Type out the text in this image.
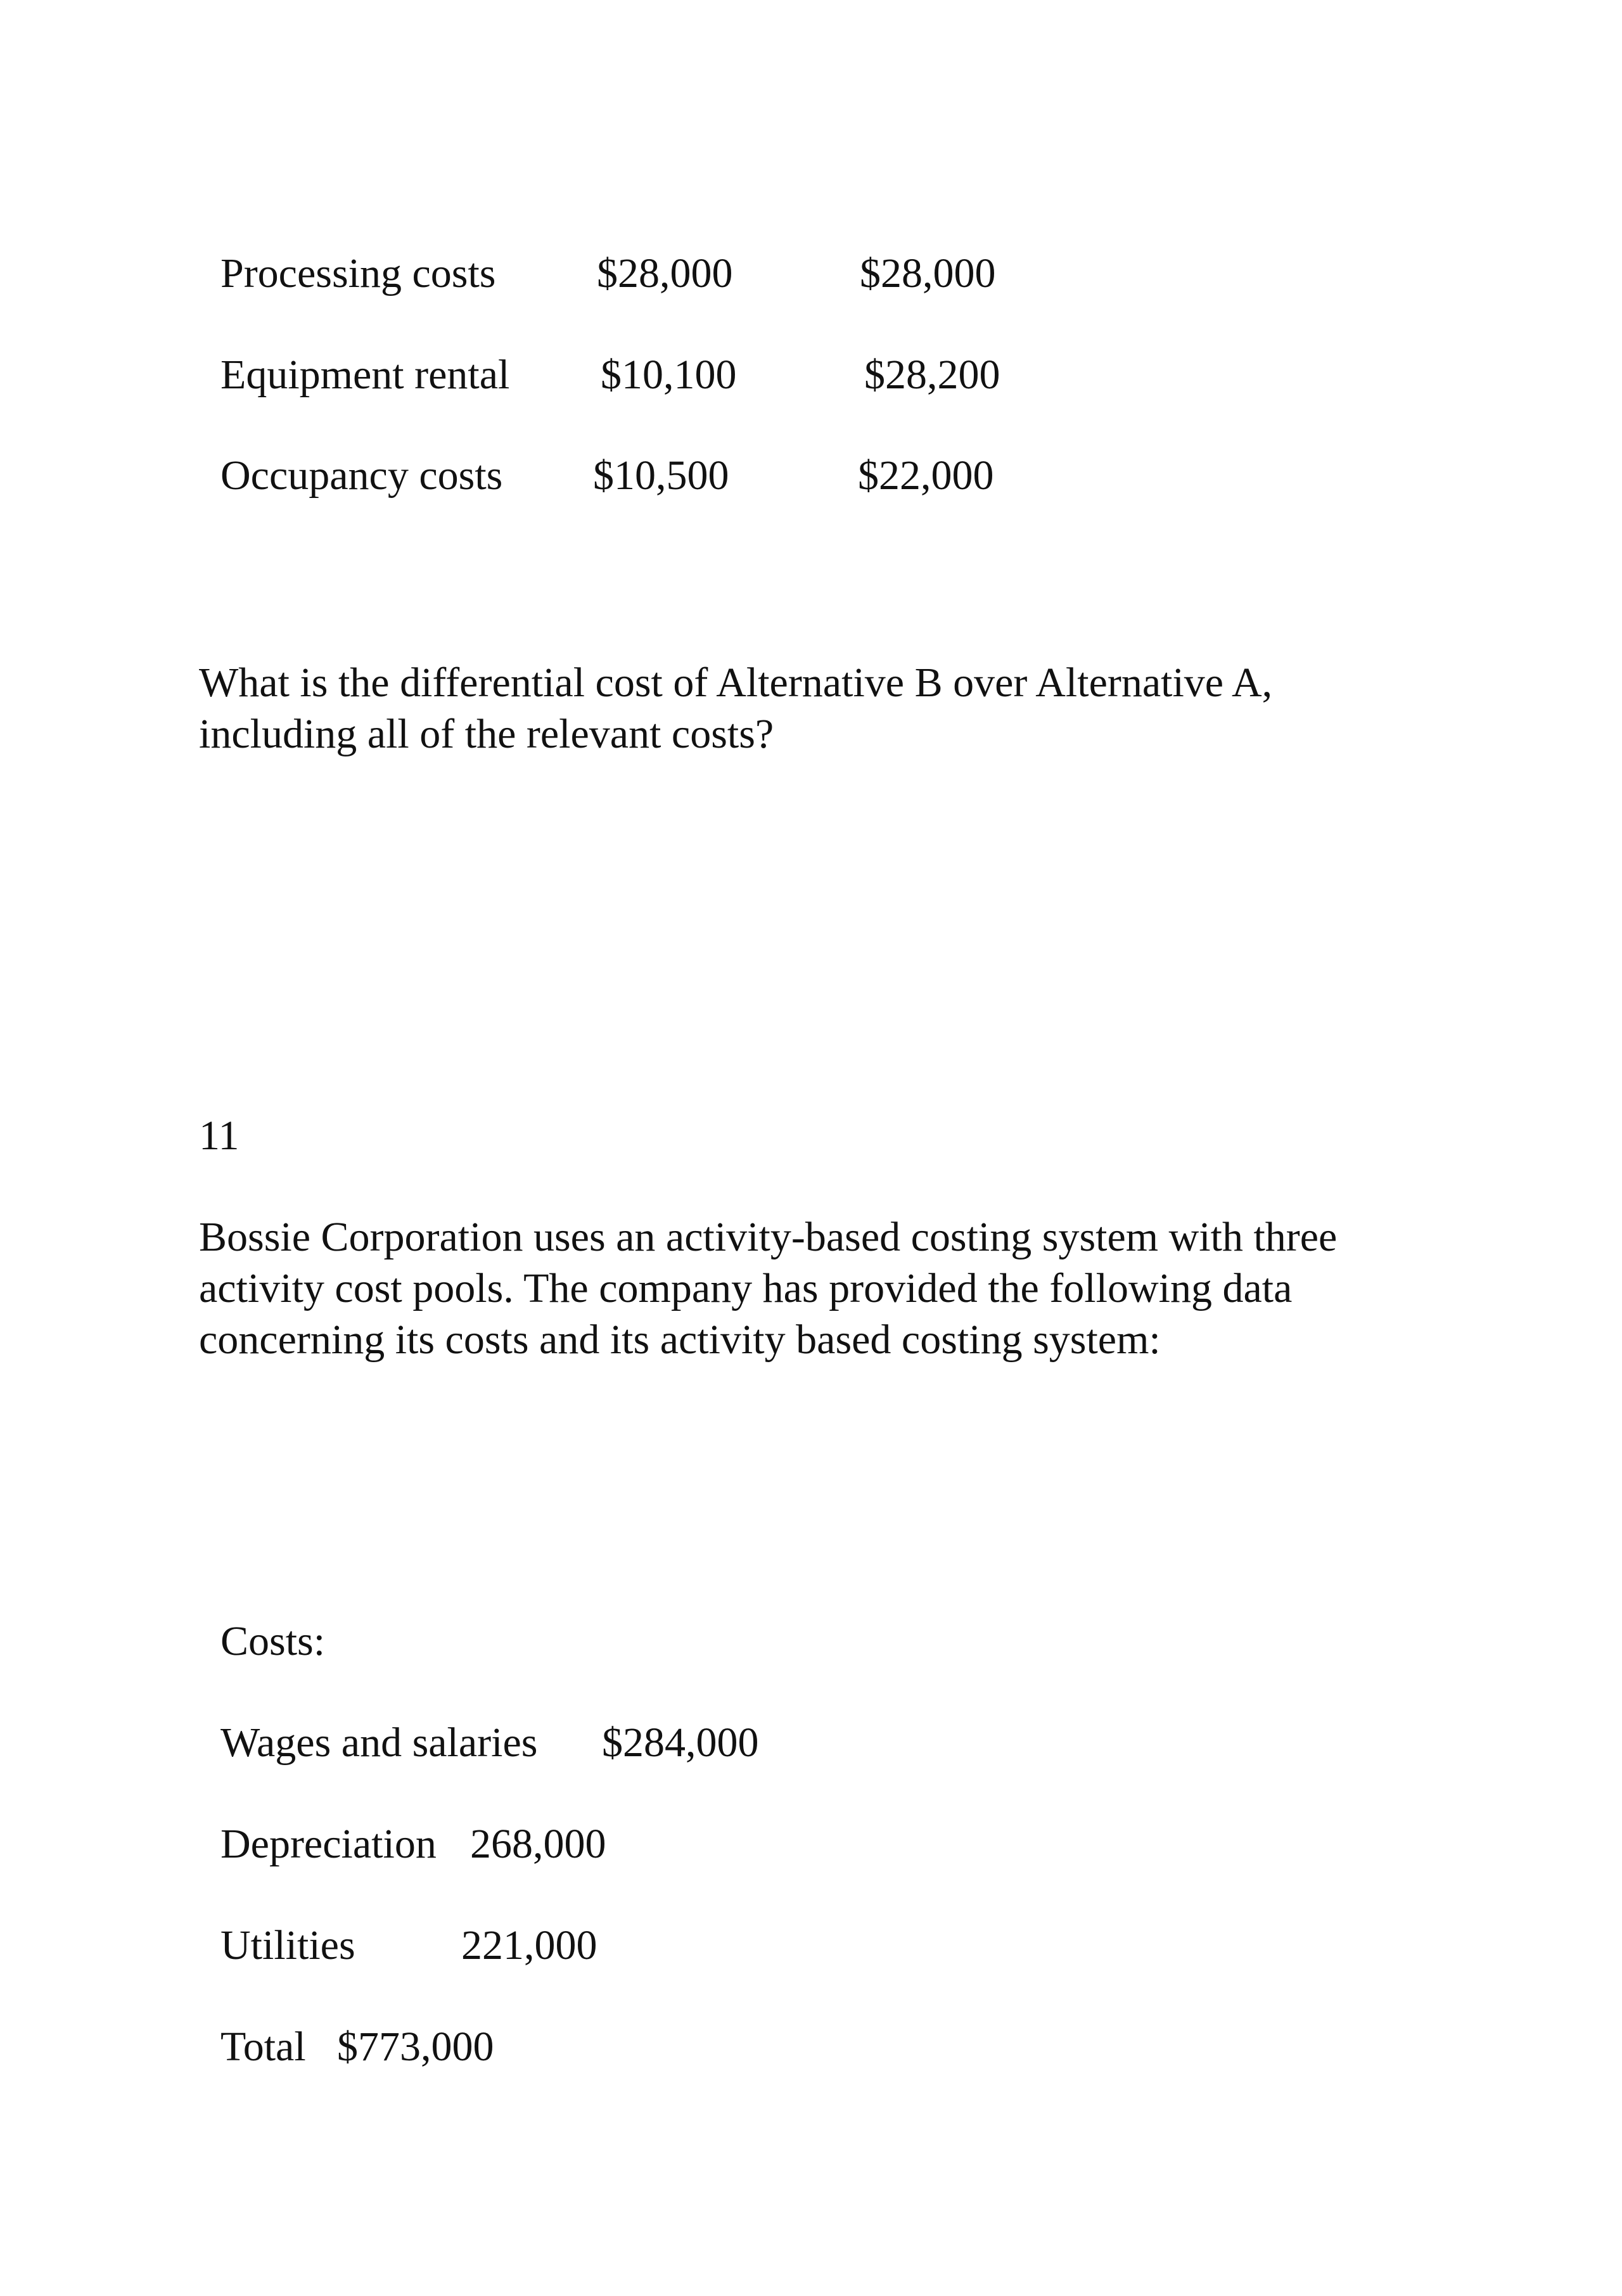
Processing costs $28,000	$28,000
Equipment rental $10,100	$28,200
Occupancy costs $10,500	$22,000
What is the differential cost of Alternative B over Alternative A,
including all of the relevant costs?
11
Bossie Corporation uses an activity-based costing system with three
activity cost pools. The company has provided the following data
concerning its costs and its activity based costing system:
Costs:
Wages and salaries $284,000
Depreciation 268,000
Utilities	221,000
Total $773,000
